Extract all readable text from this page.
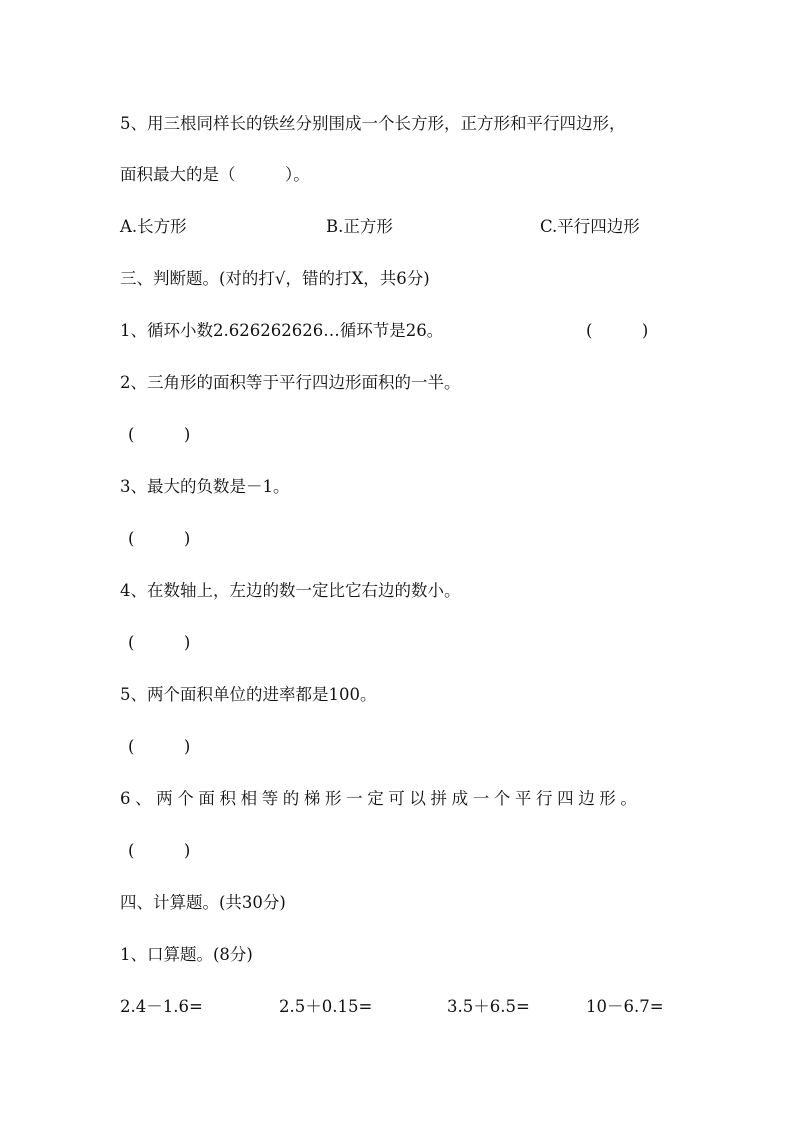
5、用三根同样长的铁丝分别围成一个长方形，正方形和平行四边形，
面积最大的是（　　　）。
A.长方形	B.正方形	C.平行四边形
三、判断题。(对的打√，错的打X，共6分)
1、循环小数2.626262626…循环节是26。	(　　　)
2、三角形的面积等于平行四边形面积的一半。
(　　　)
3、最大的负数是－1。
(　　　)
4、在数轴上，左边的数一定比它右边的数小。
(　　　)
5、两个面积单位的进率都是100。
(　　　)
6、两个面积相等的梯形一定可以拼成一个平行四边形。
(　　　)
四、计算题。(共30分)
1、口算题。(8分)
2.4－1.6=	2.5＋0.15=	3.5＋6.5=	10－6.7=
